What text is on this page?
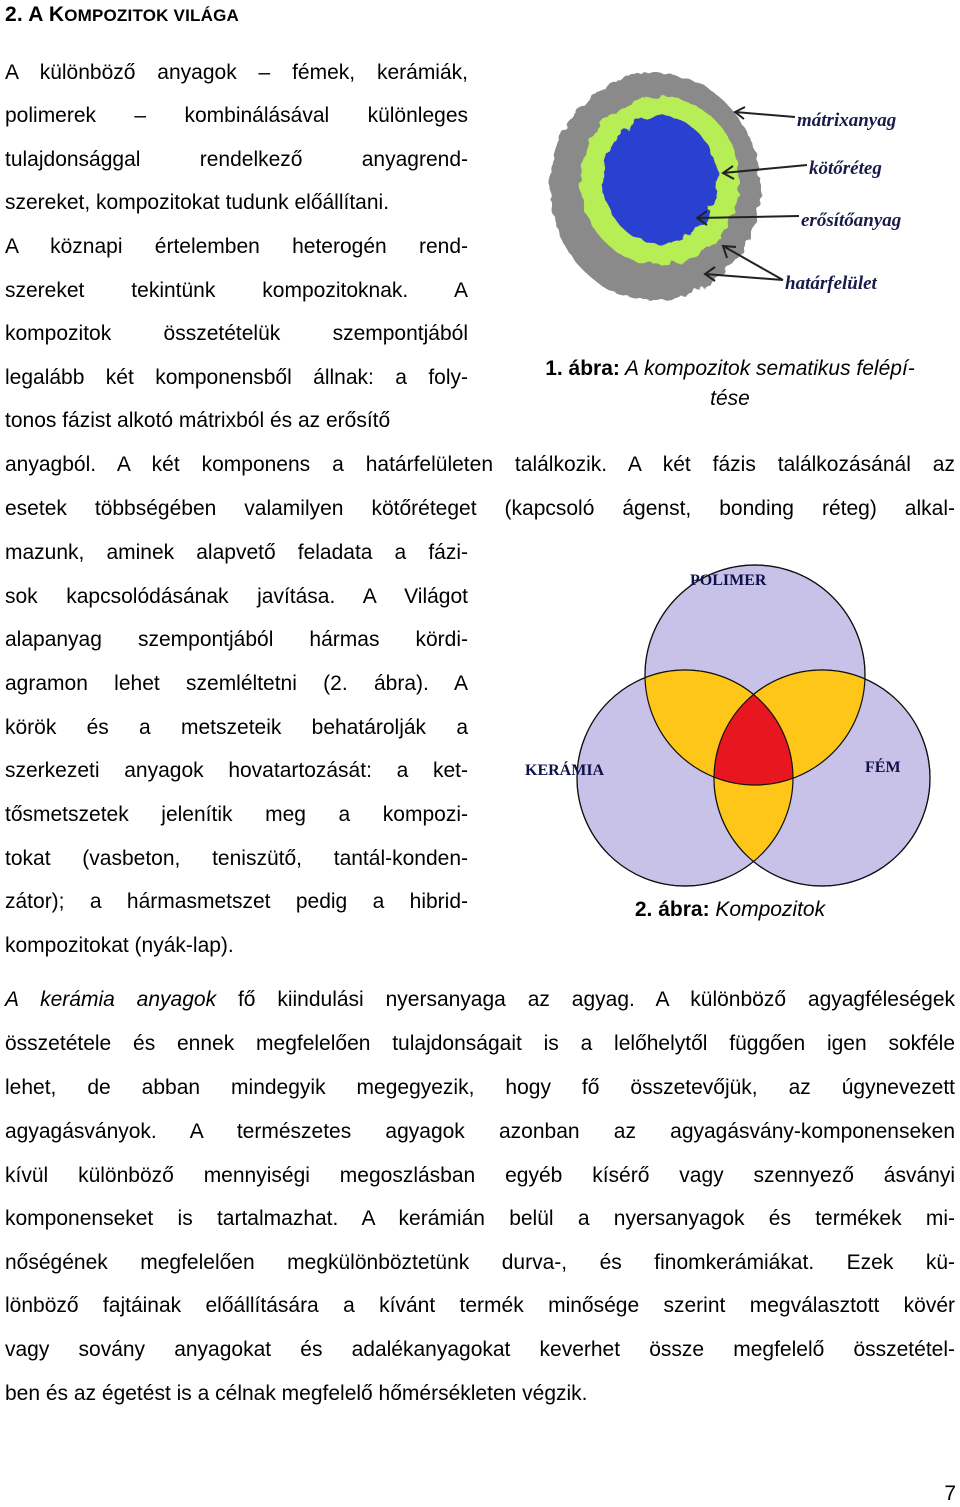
2. A KOMPOZITOK VILÁGA
A különböző anyagok – fémek, kerámiák,
polimerek – kombinálásával különleges
tulajdonsággal rendelkező anyagrend-
szereket, kompozitokat tudunk előállítani.
A köznapi értelemben heterogén rend-
szereket tekintünk kompozitoknak. A
kompozitok összetételük szempontjából
legalább két komponensből állnak: a foly-
tonos fázist alkotó mátrixból és az erősítő
anyagból. A két komponens a határfelületen találkozik. A két fázis találkozásánál az
esetek többségében valamilyen kötőréteget (kapcsoló ágenst, bonding réteg) alkal-
mazunk, aminek alapvető feladata a fázi-
sok kapcsolódásának javítása. A Világot
alapanyag szempontjából hármas kördi-
agramon lehet szemléltetni (2. ábra). A
körök és a metszeteik behatárolják a
szerkezeti anyagok hovatartozását: a ket-
tősmetszetek jelenítik meg a kompozi-
tokat (vasbeton, teniszütő, tantál-konden-
zátor); a hármasmetszet pedig a hibrid-
kompozitokat (nyák-lap).
mátrixanyag
kötőréteg
erősítőanyag
határfelület
1. ábra: A kompozitok sematikus felépí-
tése
POLIMER
KERÁMIA	FÉM
2. ábra: Kompozitok
A kerámia anyagok fő kiindulási nyersanyaga az agyag. A különböző agyagféleségek
összetétele és ennek megfelelően tulajdonságait is a lelőhelytől függően igen sokféle
lehet, de abban mindegyik megegyezik, hogy fő összetevőjük, az úgynevezett
agyagásványok. A természetes agyagok azonban az agyagásvány-komponenseken
kívül különböző mennyiségi megoszlásban egyéb kísérő vagy szennyező ásványi
komponenseket is tartalmazhat. A kerámián belül a nyersanyagok és termékek mi-
nőségének megfelelően megkülönböztetünk durva-, és finomkerámiákat. Ezek kü-
lönböző fajtáinak előállítására a kívánt termék minősége szerint megválasztott kövér
vagy sovány anyagokat és adalékanyagokat keverhet össze megfelelő összetétel-
ben és az égetést is a célnak megfelelő hőmérsékleten végzik.
7
